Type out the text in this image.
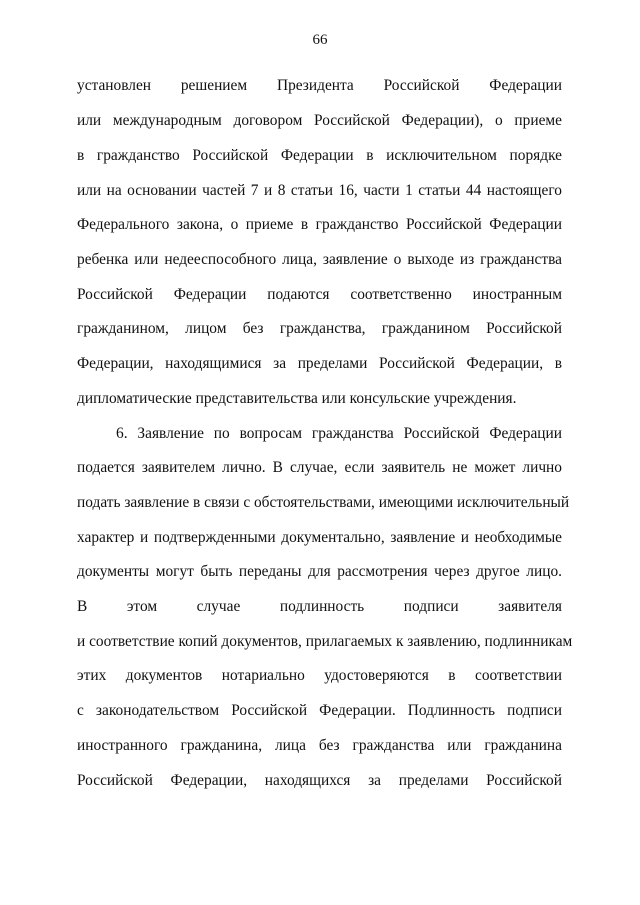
66
установлен решением Президента Российской Федерации
или международным договором Российской Федерации), о приеме
в гражданство Российской Федерации в исключительном порядке
или на основании частей 7 и 8 статьи 16, части 1 статьи 44 настоящего
Федерального закона, о приеме в гражданство Российской Федерации
ребенка или недееспособного лица, заявление о выходе из гражданства
Российской Федерации подаются соответственно иностранным
гражданином, лицом без гражданства, гражданином Российской
Федерации, находящимися за пределами Российской Федерации, в
дипломатические представительства или консульские учреждения.
6. Заявление по вопросам гражданства Российской Федерации
подается заявителем лично. В случае, если заявитель не может лично
подать заявление в связи с обстоятельствами, имеющими исключительный
характер и подтвержденными документально, заявление и необходимые
документы могут быть переданы для рассмотрения через другое лицо.
В этом случае подлинность подписи заявителя
и соответствие копий документов, прилагаемых к заявлению, подлинникам
этих документов нотариально удостоверяются в соответствии
с законодательством Российской Федерации. Подлинность подписи
иностранного гражданина, лица без гражданства или гражданина
Российской Федерации, находящихся за пределами Российской
